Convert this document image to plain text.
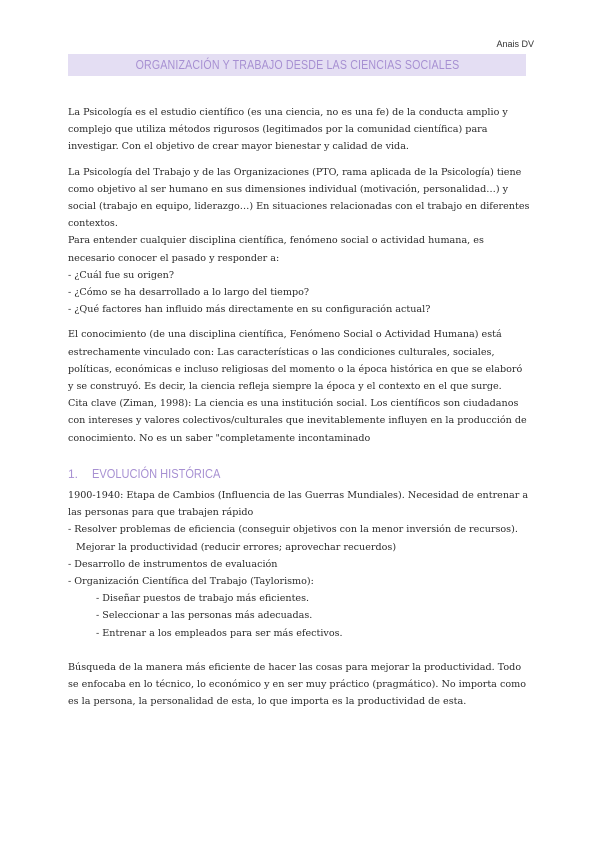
Anais DV
ORGANIZACIÓN Y TRABAJO DESDE LAS CIENCIAS SOCIALES

La Psicología es el estudio científico (es una ciencia, no es una fe) de la conducta amplio y complejo que utiliza métodos rigurosos (legitimados por la comunidad científica) para investigar. Con el objetivo de crear mayor bienestar y calidad de vida.

La Psicología del Trabajo y de las Organizaciones (PTO, rama aplicada de la Psicología) tiene como objetivo al ser humano en sus dimensiones individual (motivación, personalidad…) y social (trabajo en equipo, liderazgo…) En situaciones relacionadas con el trabajo en diferentes contextos.

Para entender cualquier disciplina científica, fenómeno social o actividad humana, es necesario conocer el pasado y responder a:

- ¿Cuál fue su origen?

- ¿Cómo se ha desarrollado a lo largo del tiempo?

- ¿Qué factores han influido más directamente en su configuración actual?

El conocimiento (de una disciplina científica, Fenómeno Social o Actividad Humana) está estrechamente vinculado con: Las características o las condiciones culturales, sociales, políticas, económicas e incluso religiosas del momento o la época histórica en que se elaboró y se construyó. Es decir, la ciencia refleja siempre la época y el contexto en el que surge.

Cita clave (Ziman, 1998): La ciencia es una institución social. Los científicos son ciudadanos con intereses y valores colectivos/culturales que inevitablemente influyen en la producción de conocimiento. No es un saber "completamente incontaminado

1. EVOLUCIÓN HISTÓRICA

1900-1940: Etapa de Cambios (Influencia de las Guerras Mundiales). Necesidad de entrenar a las personas para que trabajen rápido

- Resolver problemas de eficiencia (conseguir objetivos con la menor inversión de recursos). Mejorar la productividad (reducir errores; aprovechar recuerdos)

- Desarrollo de instrumentos de evaluación

- Organización Científica del Trabajo (Taylorismo):

- Diseñar puestos de trabajo más eficientes.

- Seleccionar a las personas más adecuadas.

- Entrenar a los empleados para ser más efectivos.

Búsqueda de la manera más eficiente de hacer las cosas para mejorar la productividad. Todo se enfocaba en lo técnico, lo económico y en ser muy práctico (pragmático). No importa como es la persona, la personalidad de esta, lo que importa es la productividad de esta.
